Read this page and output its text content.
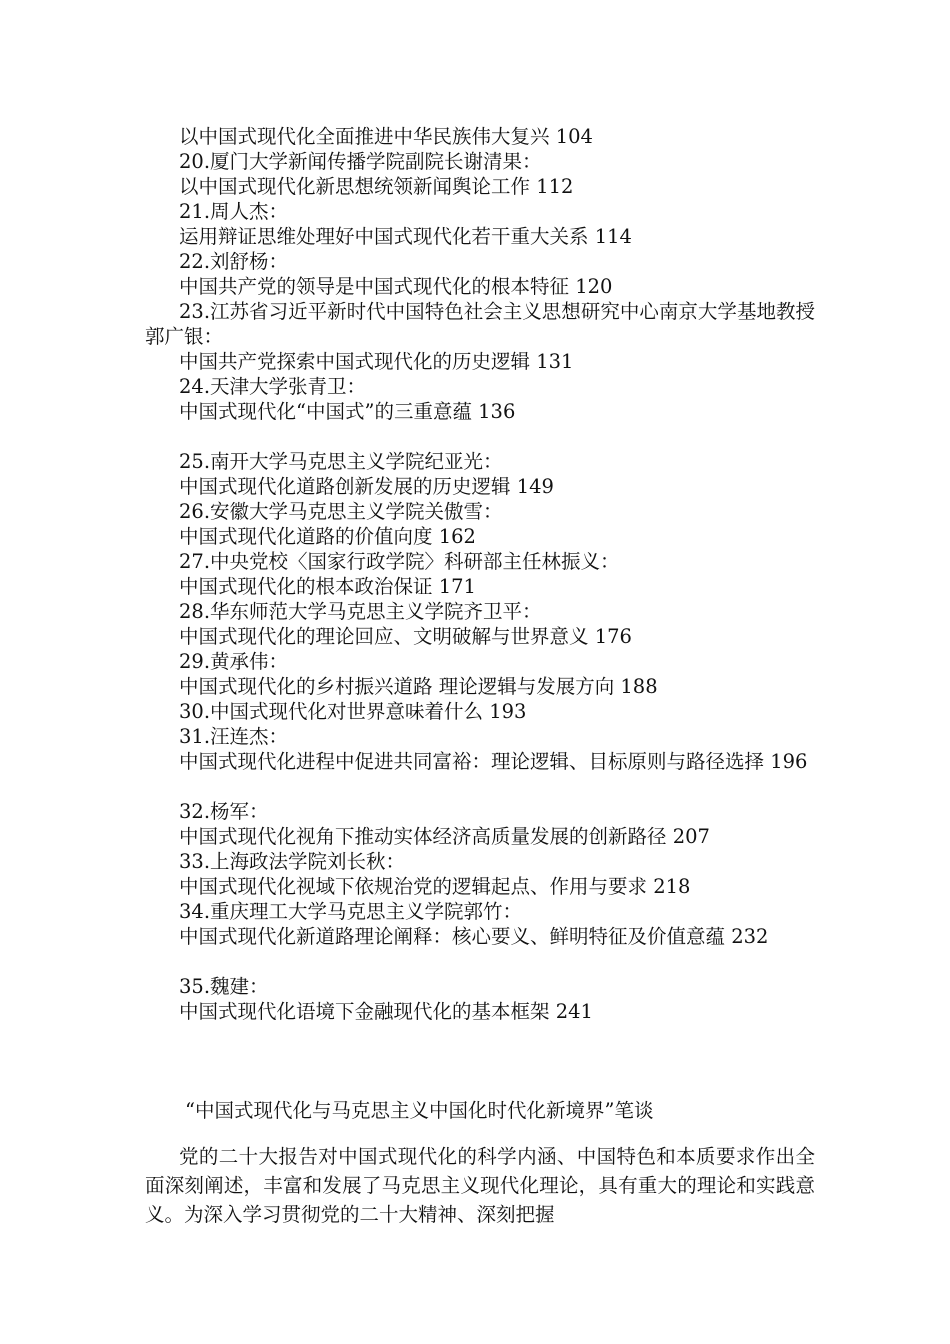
以中国式现代化全面推进中华民族伟大复兴 104
20.厦门大学新闻传播学院副院长谢清果：
以中国式现代化新思想统领新闻舆论工作 112
21.周人杰：
运用辩证思维处理好中国式现代化若干重大关系 114
22.刘舒杨：
中国共产党的领导是中国式现代化的根本特征 120
23.江苏省习近平新时代中国特色社会主义思想研究中心南京大学基地教授郭广银：
中国共产党探索中国式现代化的历史逻辑 131
24.天津大学张青卫：
中国式现代化“中国式”的三重意蕴 136
25.南开大学马克思主义学院纪亚光：
中国式现代化道路创新发展的历史逻辑 149
26.安徽大学马克思主义学院关傲雪：
中国式现代化道路的价值向度 162
27.中央党校〈国家行政学院〉科研部主任林振义：
中国式现代化的根本政治保证 171
28.华东师范大学马克思主义学院齐卫平：
中国式现代化的理论回应、文明破解与世界意义 176
29.黄承伟：
中国式现代化的乡村振兴道路 理论逻辑与发展方向 188
30.中国式现代化对世界意味着什么 193
31.汪连杰：
中国式现代化进程中促进共同富裕：理论逻辑、目标原则与路径选择 196
32.杨军：
中国式现代化视角下推动实体经济高质量发展的创新路径 207
33.上海政法学院刘长秋：
中国式现代化视域下依规治党的逻辑起点、作用与要求 218
34.重庆理工大学马克思主义学院郭竹：
中国式现代化新道路理论阐释：核心要义、鲜明特征及价值意蕴 232
35.魏建：
中国式现代化语境下金融现代化的基本框架 241
“中国式现代化与马克思主义中国化时代化新境界”笔谈
党的二十大报告对中国式现代化的科学内涵、中国特色和本质要求作出全面深刻阐述，丰富和发展了马克思主义现代化理论，具有重大的理论和实践意义。为深入学习贯彻党的二十大精神、深刻把握
